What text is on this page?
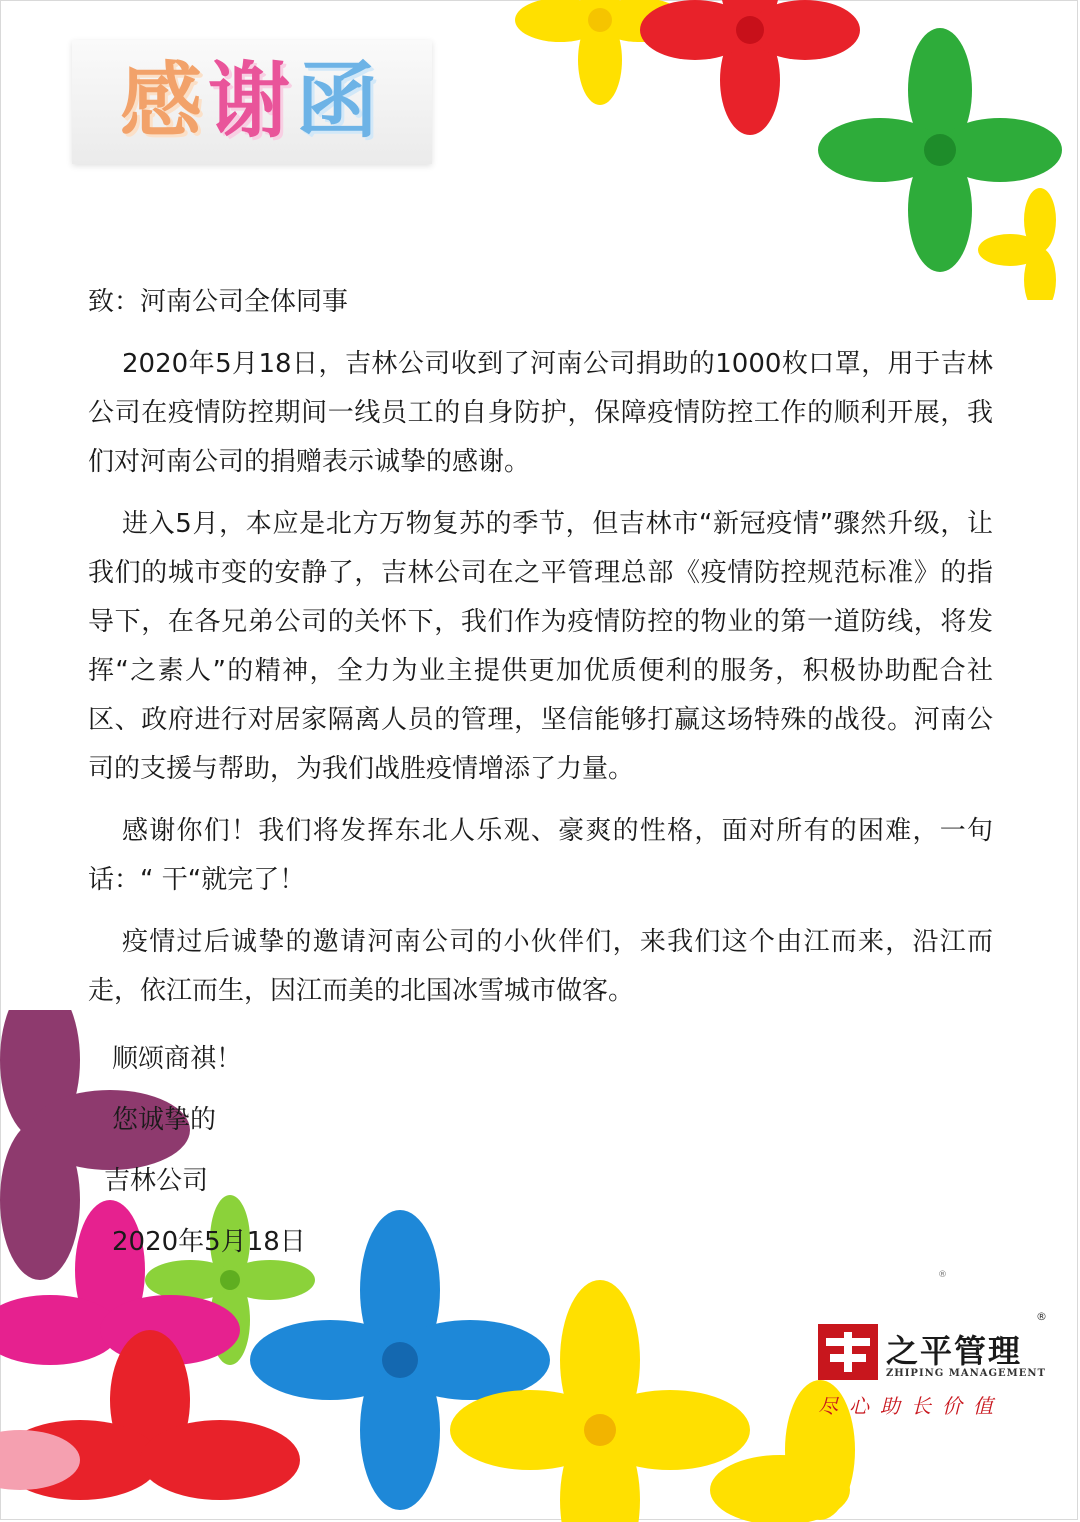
感谢函

致：河南公司全体同事

2020年5月18日，吉林公司收到了河南公司捐助的1000枚口罩，用于吉林公司在疫情防控期间一线员工的自身防护，保障疫情防控工作的顺利开展，我们对河南公司的捐赠表示诚挚的感谢。

进入5月，本应是北方万物复苏的季节，但吉林市“新冠疫情”骤然升级，让我们的城市变的安静了，吉林公司在之平管理总部《疫情防控规范标准》的指导下，在各兄弟公司的关怀下，我们作为疫情防控的物业的第一道防线，将发挥“之素人”的精神，全力为业主提供更加优质便利的服务，积极协助配合社区、政府进行对居家隔离人员的管理，坚信能够打赢这场特殊的战役。河南公司的支援与帮助，为我们战胜疫情增添了力量。

感谢你们！我们将发挥东北人乐观、豪爽的性格，面对所有的困难，一句话：“ 干“就完了！

疫情过后诚挚的邀请河南公司的小伙伴们，来我们这个由江而来，沿江而走，依江而生，因江而美的北国冰雪城市做客。

顺颂商祺！

您诚挚的

吉林公司

2020年5月18日

®
之平管理
ZHIPING MANAGEMENT
尽心助长价值
®
